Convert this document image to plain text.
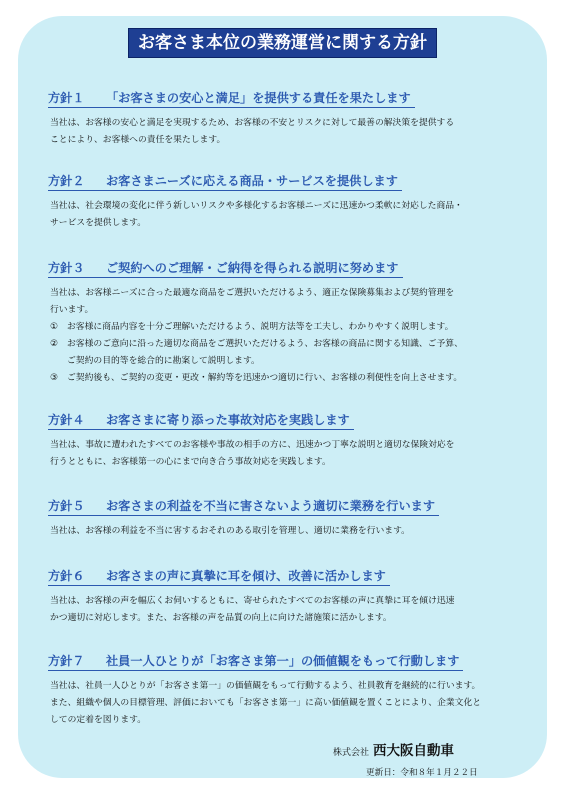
お客さま本位の業務運営に関する方針
方針１ 「お客さまの安心と満足」を提供する責任を果たします
当社は、お客様の安心と満足を実現するため、お客様の不安とリスクに対して最善の解決策を提供する
ことにより、お客様への責任を果たします。
方針２ お客さまニーズに応える商品・サービスを提供します
当社は、社会環境の変化に伴う新しいリスクや多様化するお客様ニーズに迅速かつ柔軟に対応した商品・
サービスを提供します。
方針３ ご契約へのご理解・ご納得を得られる説明に努めます
当社は、お客様ニーズに合った最適な商品をご選択いただけるよう、適正な保険募集および契約管理を
行います。
①	お客様に商品内容を十分ご理解いただけるよう、説明方法等を工夫し、わかりやすく説明します。
②	お客様のご意向に沿った適切な商品をご選択いただけるよう、お客様の商品に関する知識、ご予算、
ご契約の目的等を総合的に勘案して説明します。
③	ご契約後も、ご契約の変更・更改・解約等を迅速かつ適切に行い、お客様の利便性を向上させます。
方針４ お客さまに寄り添った事故対応を実践します
当社は、事故に遭われたすべてのお客様や事故の相手の方に、迅速かつ丁寧な説明と適切な保険対応を
行うとともに、お客様第一の心にまで向き合う事故対応を実践します。
方針５ お客さまの利益を不当に害さないよう適切に業務を行います
当社は、お客様の利益を不当に害するおそれのある取引を管理し、適切に業務を行います。
方針６ お客さまの声に真摯に耳を傾け、改善に活かします
当社は、お客様の声を幅広くお伺いするともに、寄せられたすべてのお客様の声に真摯に耳を傾け迅速
かつ適切に対応します。また、お客様の声を品質の向上に向けた諸施策に活かします。
方針７ 社員一人ひとりが「お客さま第一」の価値観をもって行動します
当社は、社員一人ひとりが「お客さま第一」の価値観をもって行動するよう、社員教育を継続的に行います。
また、組織や個人の目標管理、評価においても「お客さま第一」に高い価値観を置くことにより、企業文化と
しての定着を図ります。
株式会社 西大阪自動車
更新日：令和８年１月２２日
